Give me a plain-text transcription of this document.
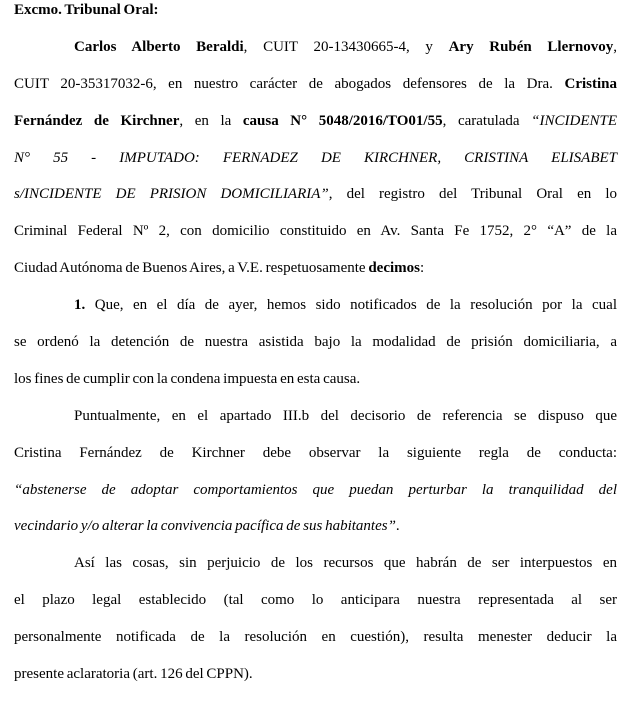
Excmo. Tribunal Oral:
Carlos Alberto Beraldi, CUIT 20-13430665-4, y Ary Rubén Llernovoy,
CUIT 20-35317032-6, en nuestro carácter de abogados defensores de la Dra. Cristina
Fernández de Kirchner, en la causa N° 5048/2016/TO01/55, caratulada “INCIDENTE
N° 55 - IMPUTADO: FERNADEZ DE KIRCHNER, CRISTINA ELISABET
s/INCIDENTE DE PRISION DOMICILIARIA”, del registro del Tribunal Oral en lo
Criminal Federal Nº 2, con domicilio constituido en Av. Santa Fe 1752, 2° “A” de la
Ciudad Autónoma de Buenos Aires, a V.E. respetuosamente decimos:
1. Que, en el día de ayer, hemos sido notificados de la resolución por la cual
se ordenó la detención de nuestra asistida bajo la modalidad de prisión domiciliaria, a
los fines de cumplir con la condena impuesta en esta causa.
Puntualmente, en el apartado III.b del decisorio de referencia se dispuso que
Cristina Fernández de Kirchner debe observar la siguiente regla de conducta:
“abstenerse de adoptar comportamientos que puedan perturbar la tranquilidad del
vecindario y/o alterar la convivencia pacífica de sus habitantes”.
Así las cosas, sin perjuicio de los recursos que habrán de ser interpuestos en
el plazo legal establecido (tal como lo anticipara nuestra representada al ser
personalmente notificada de la resolución en cuestión), resulta menester deducir la
presente aclaratoria (art. 126 del CPPN).
